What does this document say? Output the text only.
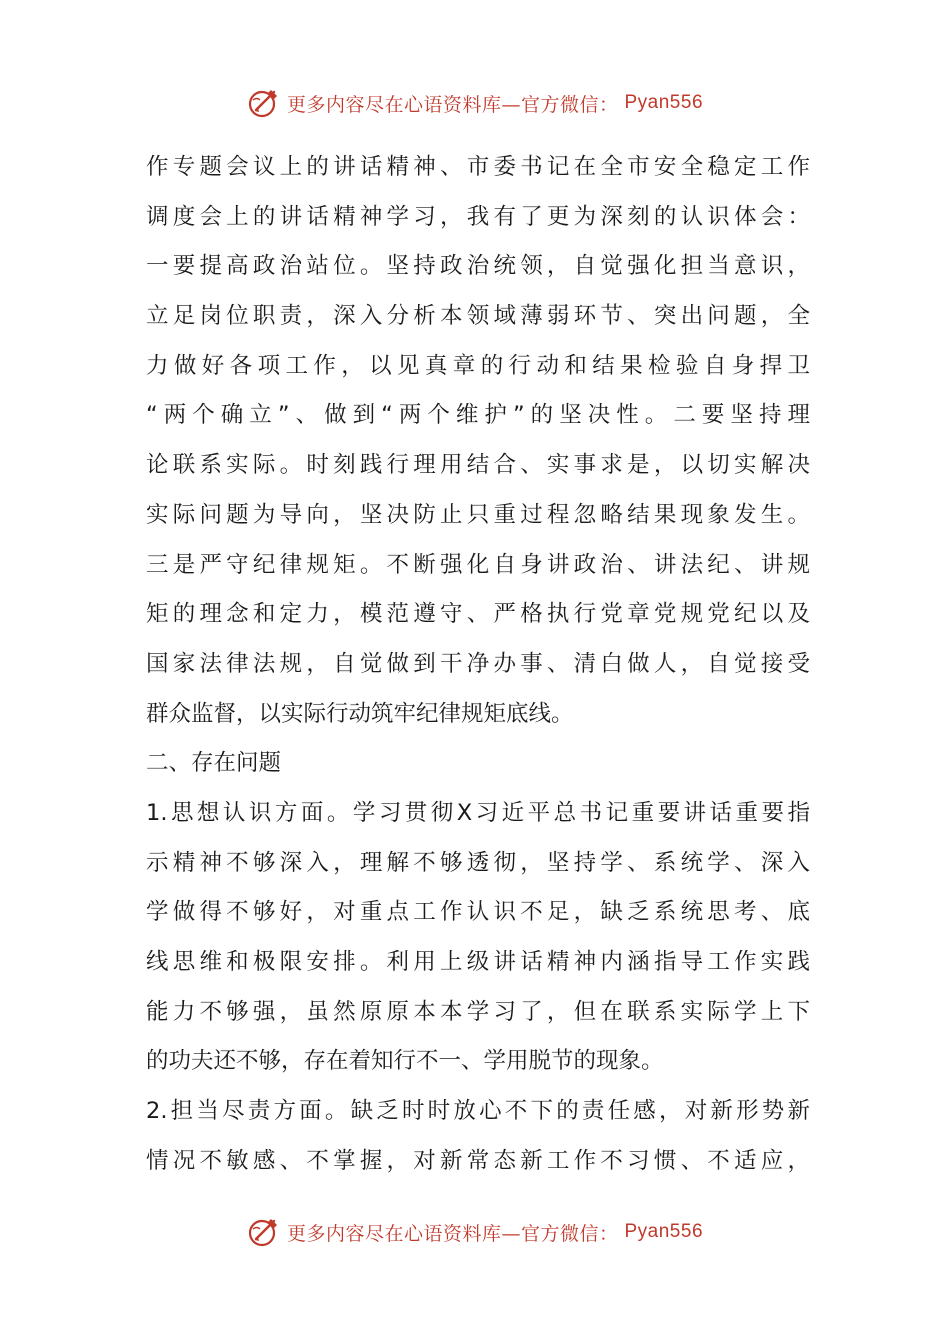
更多内容尽在心语资料库—官方微信： Pyan556
作专题会议上的讲话精神、市委书记在全市安全稳定工作
调度会上的讲话精神学习，我有了更为深刻的认识体会：
一要提高政治站位。坚持政治统领，自觉强化担当意识，
立足岗位职责，深入分析本领域薄弱环节、突出问题，全
力做好各项工作，以见真章的行动和结果检验自身捍卫
“两个确立”、做到“两个维护”的坚决性。二要坚持理
论联系实际。时刻践行理用结合、实事求是，以切实解决
实际问题为导向，坚决防止只重过程忽略结果现象发生。
三是严守纪律规矩。不断强化自身讲政治、讲法纪、讲规
矩的理念和定力，模范遵守、严格执行党章党规党纪以及
国家法律法规，自觉做到干净办事、清白做人，自觉接受
群众监督，以实际行动筑牢纪律规矩底线。
二、存在问题
1.思想认识方面。学习贯彻X习近平总书记重要讲话重要指
示精神不够深入，理解不够透彻，坚持学、系统学、深入
学做得不够好，对重点工作认识不足，缺乏系统思考、底
线思维和极限安排。利用上级讲话精神内涵指导工作实践
能力不够强，虽然原原本本学习了，但在联系实际学上下
的功夫还不够，存在着知行不一、学用脱节的现象。
2.担当尽责方面。缺乏时时放心不下的责任感，对新形势新
情况不敏感、不掌握，对新常态新工作不习惯、不适应，
更多内容尽在心语资料库—官方微信： Pyan556
